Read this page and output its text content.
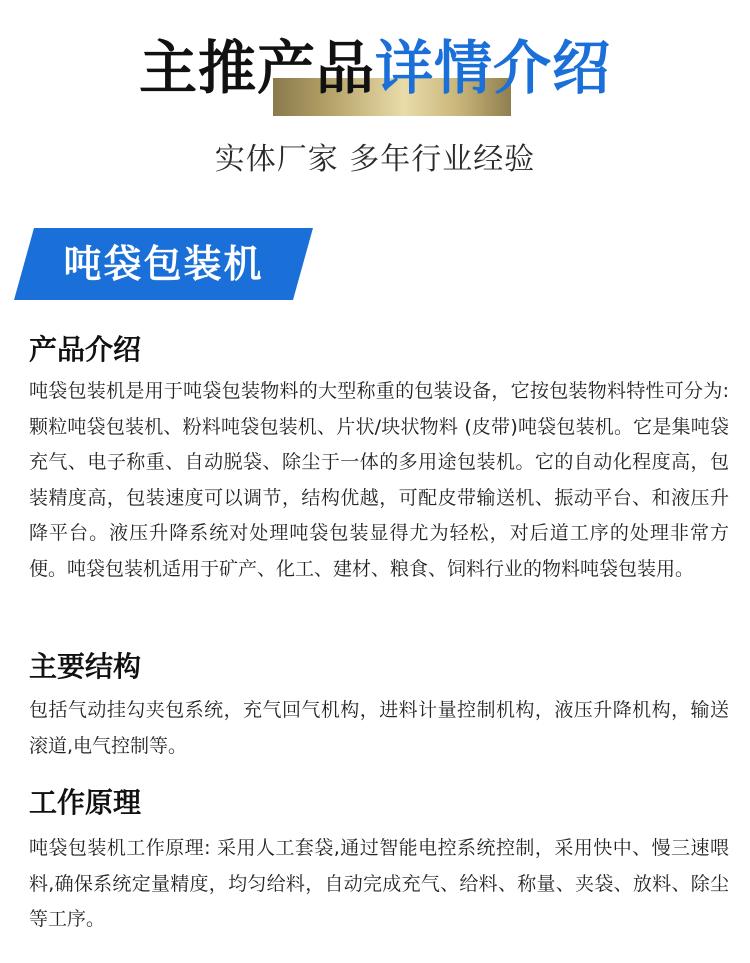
主推产品详情介绍
实体厂家 多年行业经验
吨袋包装机
产品介绍

吨袋包装机是用于吨袋包装物料的大型称重的包装设备，它按包装物料特性可分为:颗粒吨袋包装机、粉料吨袋包装机、片状/块状物料 (皮带)吨袋包装机。它是集吨袋充气、电子称重、自动脱袋、除尘于一体的多用途包装机。它的自动化程度高，包装精度高，包装速度可以调节，结构优越，可配皮带输送机、振动平台、和液压升降平台。液压升降系统对处理吨袋包装显得尤为轻松，对后道工序的处理非常方便。吨袋包装机适用于矿产、化工、建材、粮食、饲料行业的物料吨袋包装用。

主要结构

包括气动挂勾夹包系统，充气回气机构，进料计量控制机构，液压升降机构，输送滚道,电气控制等。

工作原理

吨袋包装机工作原理: 采用人工套袋,通过智能电控系统控制，采用快中、慢三速喂料,确保系统定量精度，均匀给料，自动完成充气、给料、称量、夹袋、放料、除尘等工序。
